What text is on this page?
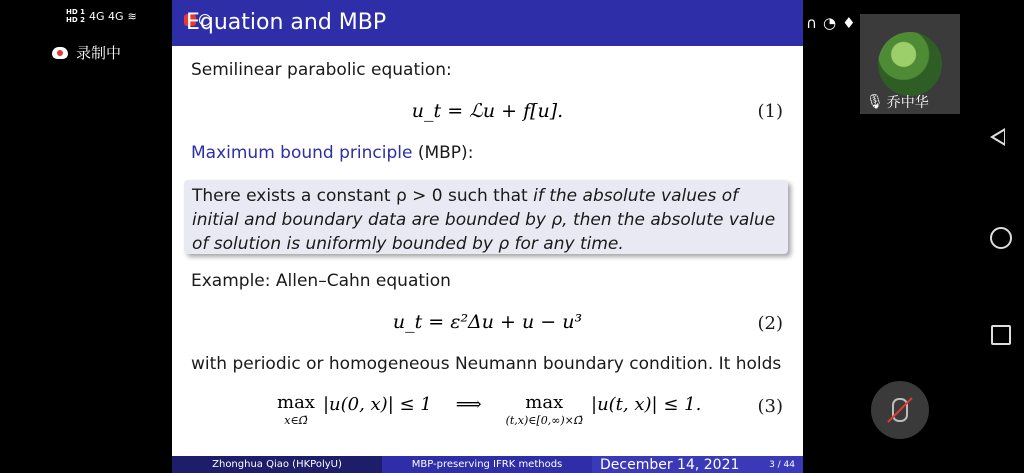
HD 1
HD 2 4G 4G ≋
录制中
Equation and MBP
Semilinear parabolic equation:
u_t = ℒu + f[u].	(1)
Maximum bound principle (MBP):
There exists a constant ρ > 0 such that if the absolute values of initial and boundary data are bounded by ρ, then the absolute value of solution is uniformly bounded by ρ for any time.
Example: Allen–Cahn equation
u_t = ε²Δu + u − u³	(2)
with periodic or homogeneous Neumann boundary condition. It holds
max
x∈Ω̄
|u(0, x)| ≤ 1 ⟹ max
(t,x)∈[0,∞)×Ω̄
|u(t, x)| ≤ 1.	(3)
Zhonghua Qiao (HKPolyU)	MBP-preserving IFRK methods	December 14, 2021	3 / 44
∩ ◔ ♦
🎙 乔中华
